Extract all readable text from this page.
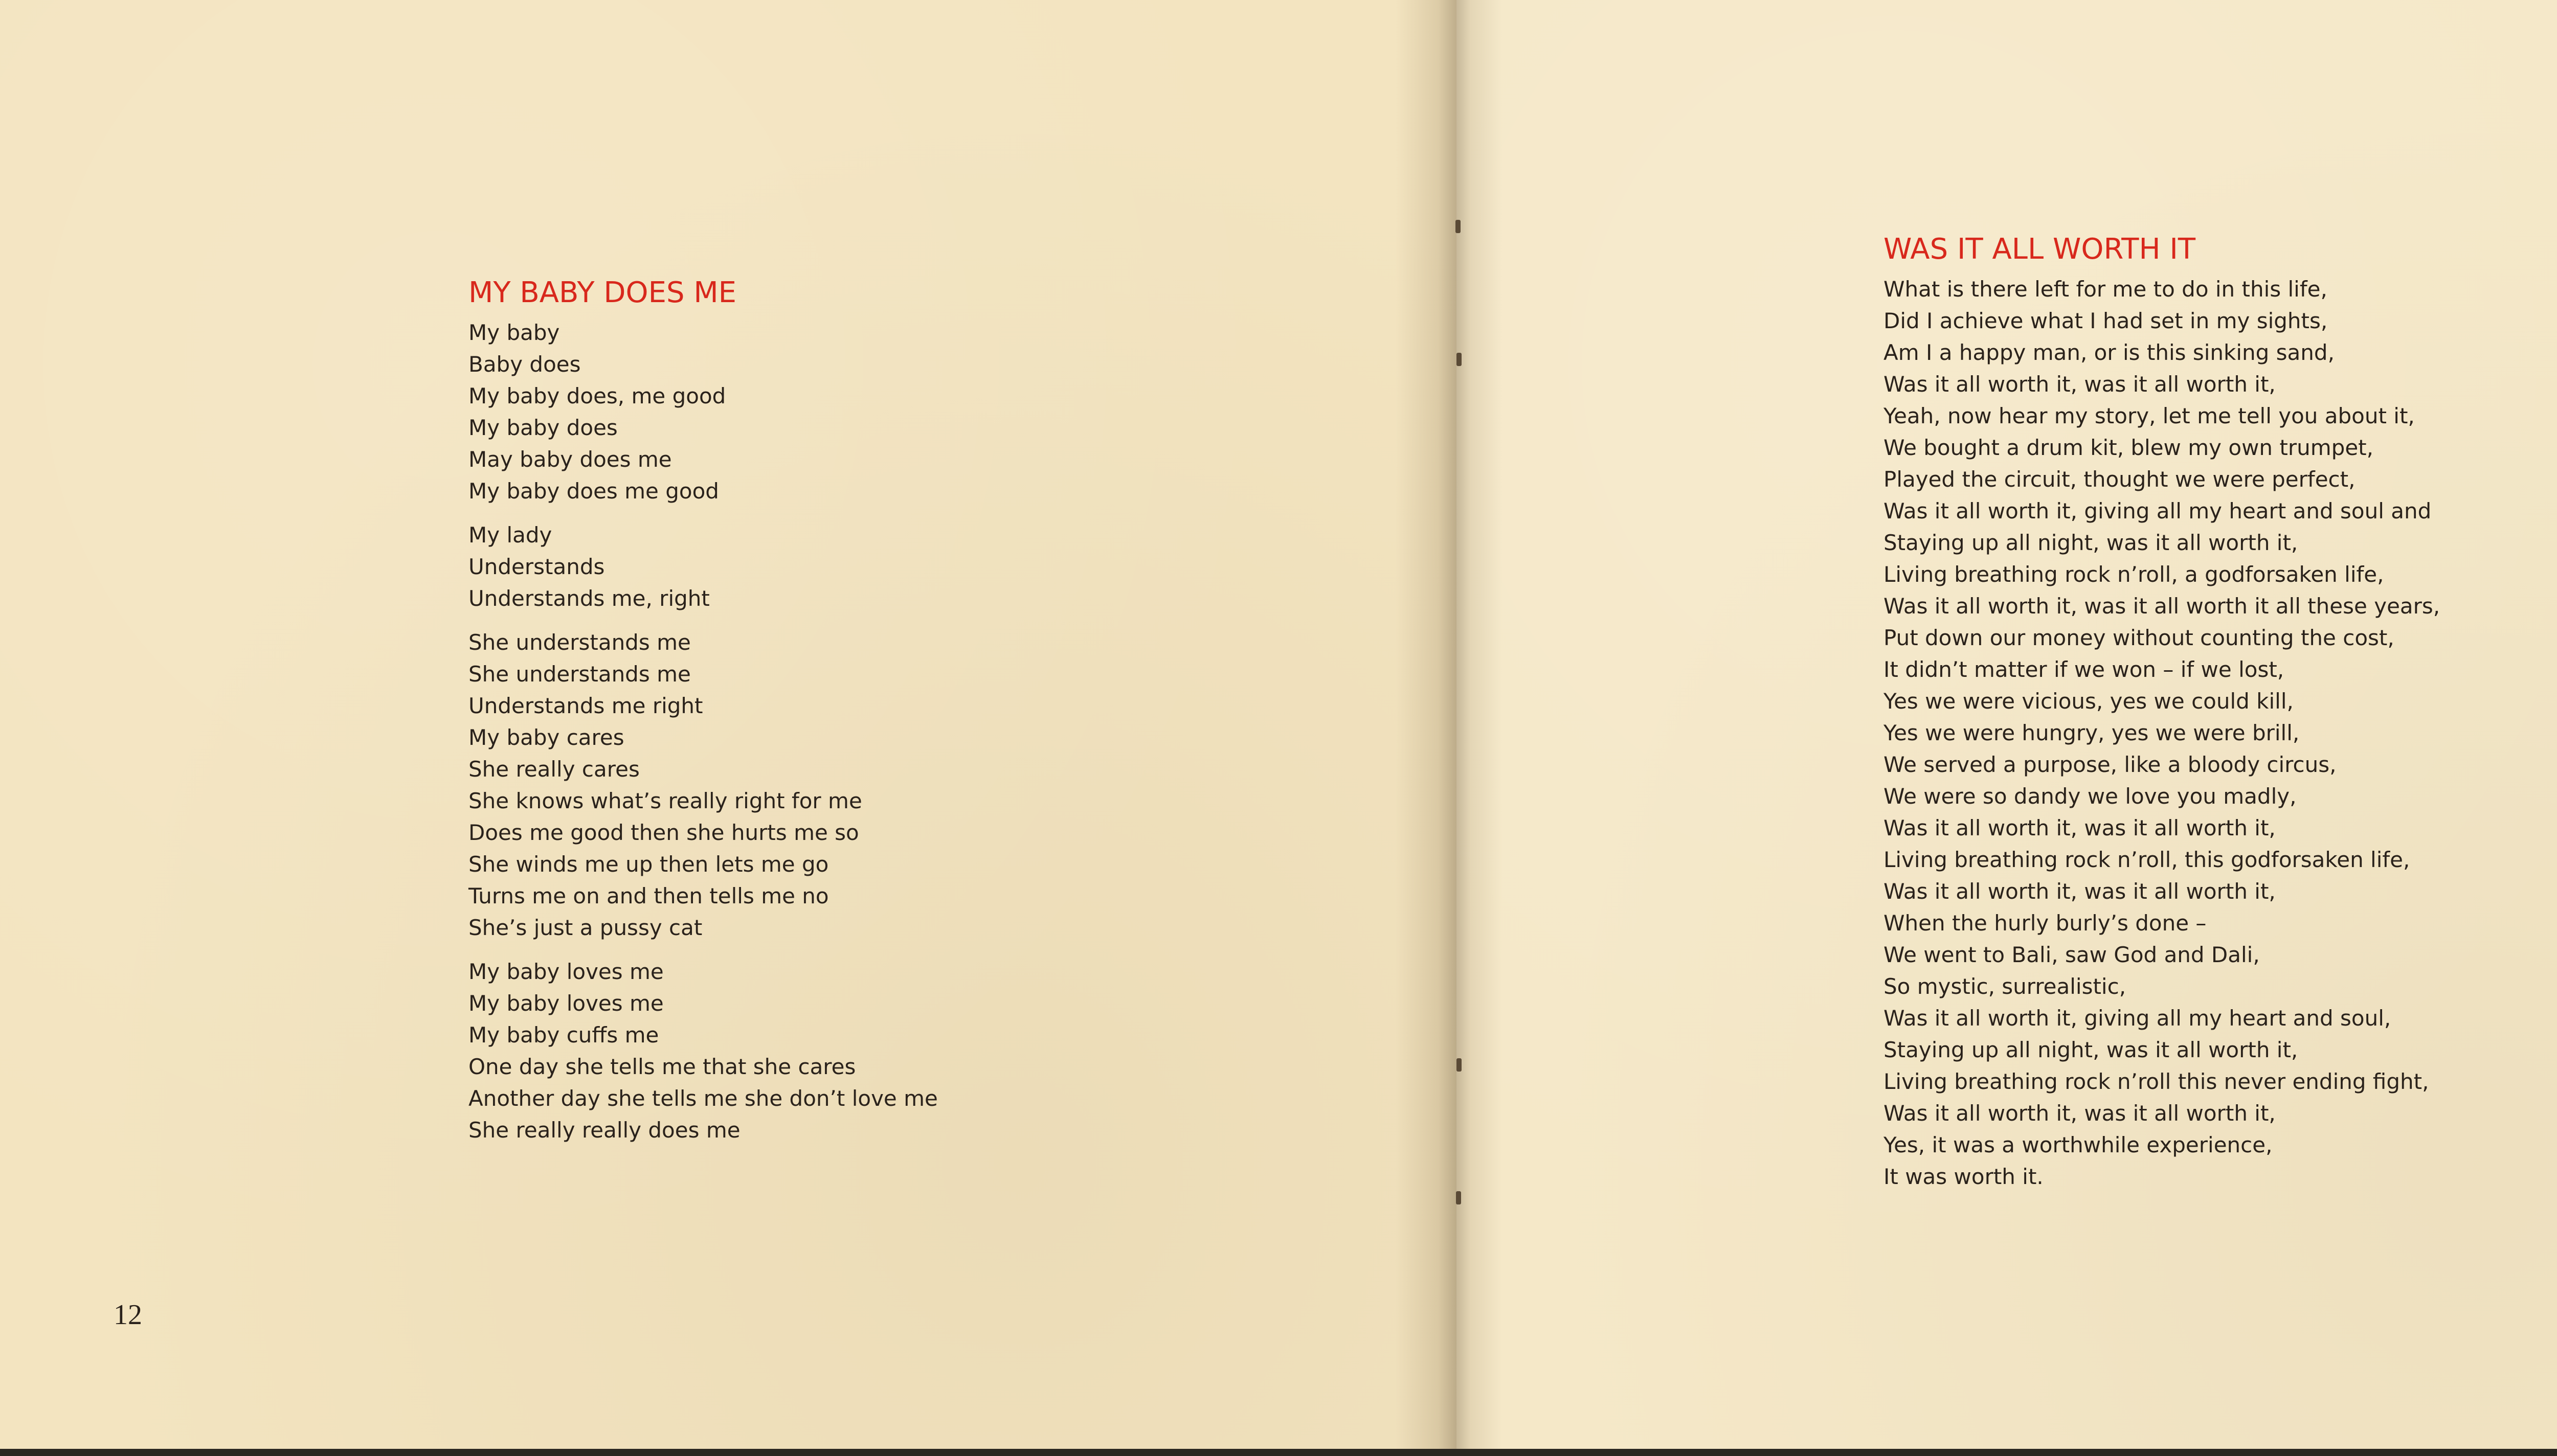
MY BABY DOES ME
My baby
Baby does
My baby does, me good
My baby does
May baby does me
My baby does me good
My lady
Understands
Understands me, right
She understands me
She understands me
Understands me right
My baby cares
She really cares
She knows what’s really right for me
Does me good then she hurts me so
She winds me up then lets me go
Turns me on and then tells me no
She’s just a pussy cat
My baby loves me
My baby loves me
My baby cuffs me
One day she tells me that she cares
Another day she tells me she don’t love me
She really really does me
12
WAS IT ALL WORTH IT
What is there left for me to do in this life,
Did I achieve what I had set in my sights,
Am I a happy man, or is this sinking sand,
Was it all worth it, was it all worth it,
Yeah, now hear my story, let me tell you about it,
We bought a drum kit, blew my own trumpet,
Played the circuit, thought we were perfect,
Was it all worth it, giving all my heart and soul and
Staying up all night, was it all worth it,
Living breathing rock n’roll, a godforsaken life,
Was it all worth it, was it all worth it all these years,
Put down our money without counting the cost,
It didn’t matter if we won – if we lost,
Yes we were vicious, yes we could kill,
Yes we were hungry, yes we were brill,
We served a purpose, like a bloody circus,
We were so dandy we love you madly,
Was it all worth it, was it all worth it,
Living breathing rock n’roll, this godforsaken life,
Was it all worth it, was it all worth it,
When the hurly burly’s done –
We went to Bali, saw God and Dali,
So mystic, surrealistic,
Was it all worth it, giving all my heart and soul,
Staying up all night, was it all worth it,
Living breathing rock n’roll this never ending fight,
Was it all worth it, was it all worth it,
Yes, it was a worthwhile experience,
It was worth it.
